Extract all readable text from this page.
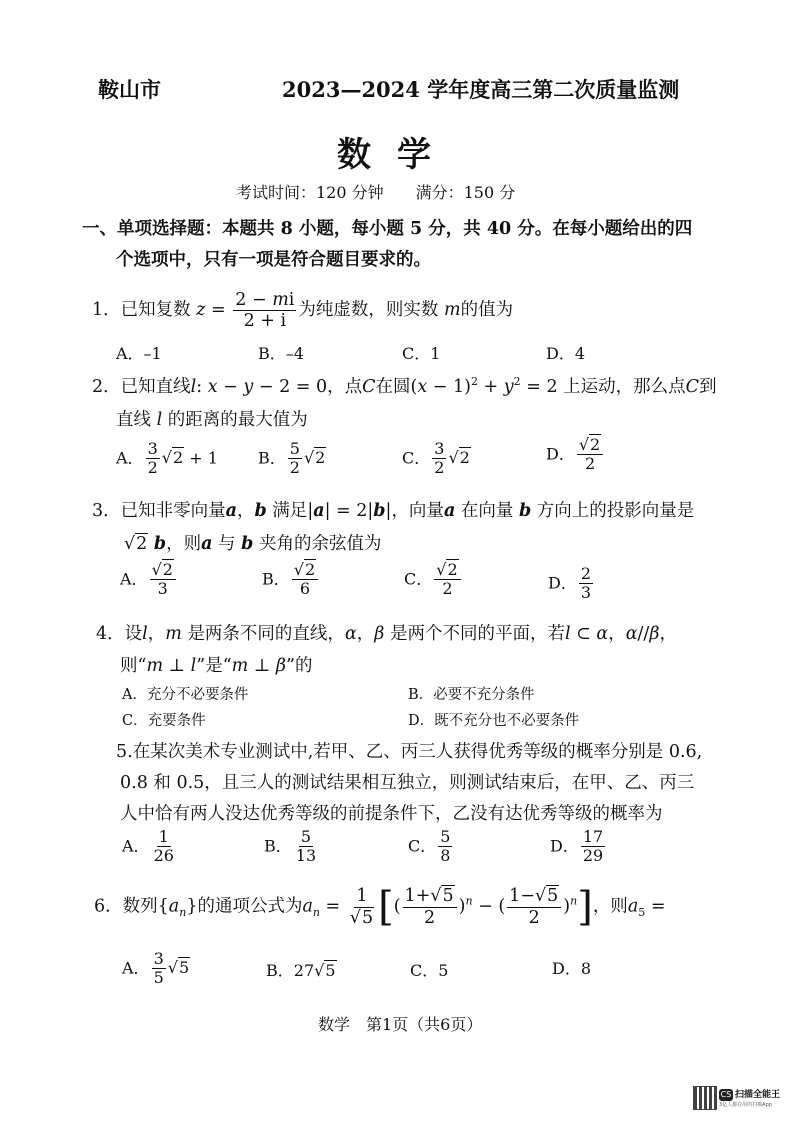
鞍山市	2023—2024 学年度高三第二次质量监测
数学
考试时间：120 分钟　　满分：150 分
一、单项选择题：本题共 8 小题，每小题 5 分，共 40 分。在每小题给出的四
个选项中，只有一项是符合题目要求的。
1．已知复数 $z = \frac{2 - mi}{2 + i}$ 为纯虚数，则实数 m的值为
A．–1	B．–4	C．1	D．4
2．已知直线l: x − y − 2 = 0，点C在圆$(x - 1)^2 + y^2 = 2$ 上运动，那么点C到
直线 l 的距离的最大值为
A． $\frac{3}{2} √2 + 1$	B． $\frac{5}{2} √2$	C． $\frac{3}{2} √2$	D． $\frac{√2}{2}$
3．已知非零向量a，b 满足|a| = 2|b|，向量a 在向量 b 方向上的投影向量是
√2 b，则a 与 b 夹角的余弦值为
A． $\frac{√2}{3}$	B． $\frac{√2}{6}$	C． $\frac{√2}{2}$	D． $\frac{2}{3}$
4．设l，m 是两条不同的直线，α，β 是两个不同的平面，若l ⊂ α，α//β，
则“m ⊥ l”是“m ⊥ β”的
A．充分不必要条件	B．必要不充分条件
C．充要条件	D．既不充分也不必要条件
5.在某次美术专业测试中,若甲、乙、丙三人获得优秀等级的概率分别是 0.6,
0.8 和 0.5，且三人的测试结果相互独立，则测试结束后，在甲、乙、丙三
人中恰有两人没达优秀等级的前提条件下，乙没有达优秀等级的概率为
A． $\frac{1}{26}$	B． $\frac{5}{13}$	C． $\frac{5}{8}$	D． $\frac{17}{29}$
6．数列$\{a_n\}$的通项公式为$a_n = \frac{1}{√5}$ [( $\frac{1+√5}{2} )^n$ − ( $\frac{1-√5}{2} )^n$]，则$a_5$ =
A． $\frac{3}{5} √5$	B．27√5	C．5	D．8
数学　第1页（共6页）
CS 扫描全能王
3亿人都在用的扫描App
